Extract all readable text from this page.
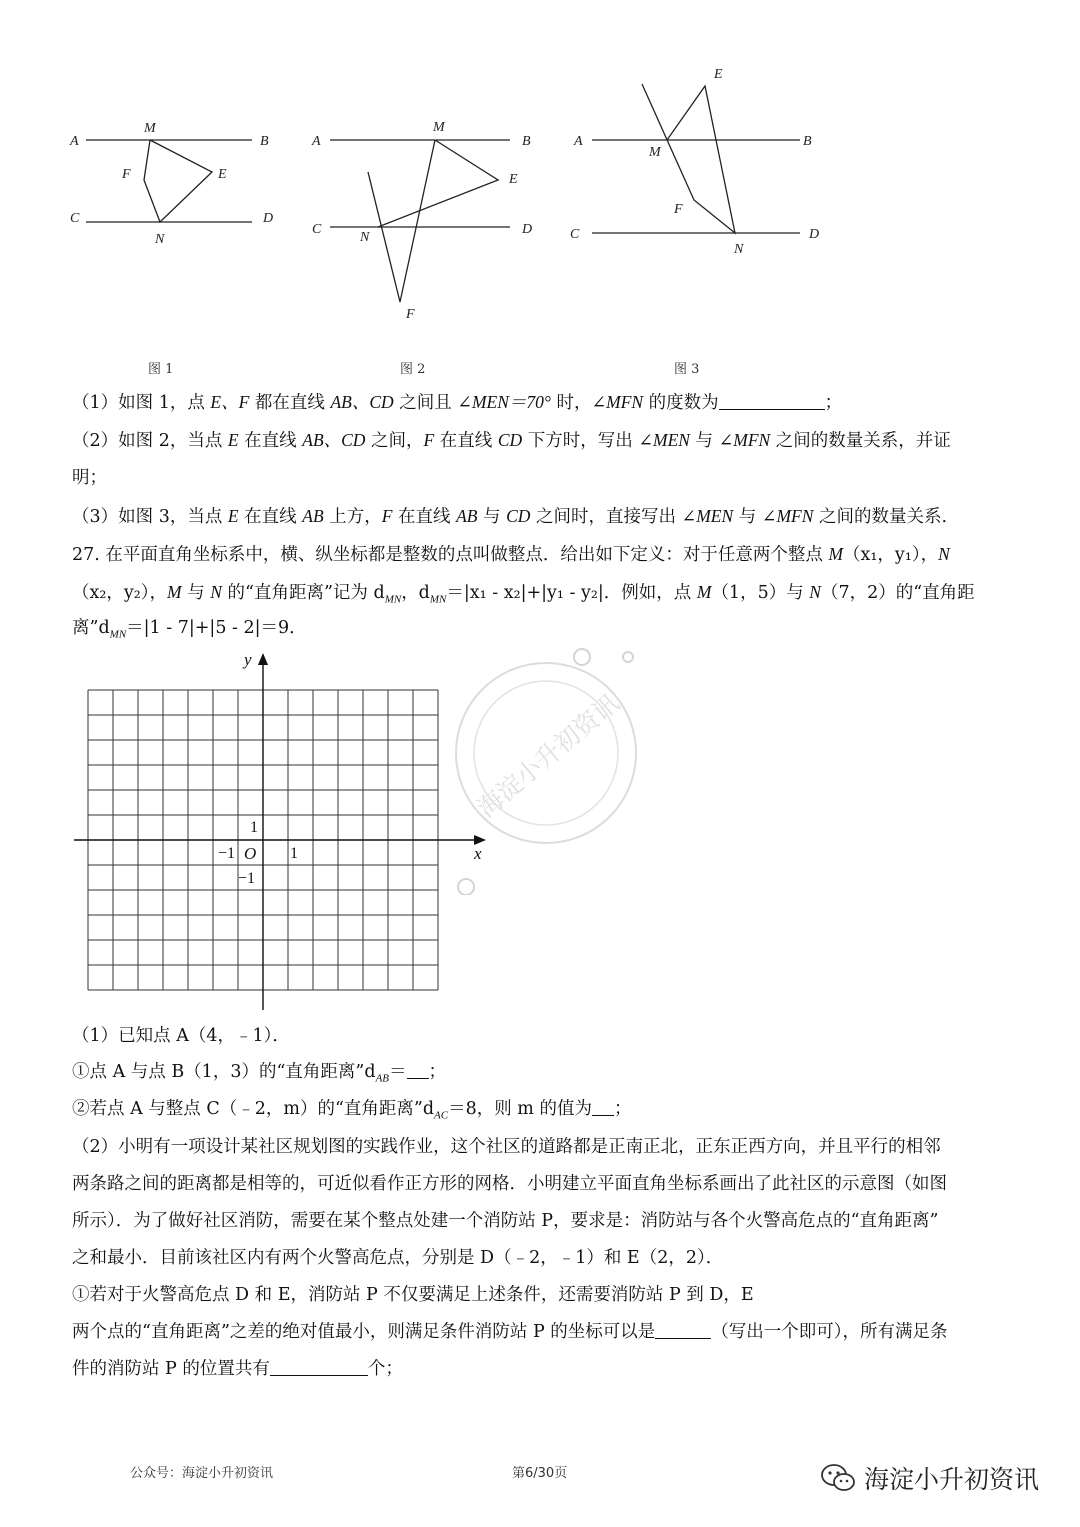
A	B
C	D
M
N
E
F
图 1
A	B
C	D
M
N
E
F
图 2
A	B
C	D
M
N
E
F
图 3
（1）如图 1，点 E、F 都在直线 AB、CD 之间且 ∠MEN＝70° 时，∠MFN 的度数为	；
（2）如图 2，当点 E 在直线 AB、CD 之间，F 在直线 CD 下方时，写出 ∠MEN 与 ∠MFN 之间的数量关系，并证
明；
（3）如图 3，当点 E 在直线 AB 上方，F 在直线 AB 与 CD 之间时，直接写出 ∠MEN 与 ∠MFN 之间的数量关系.
27. 在平面直角坐标系中，横、纵坐标都是整数的点叫做整点．给出如下定义：对于任意两个整点 M（x₁，y₁），N
（x₂，y₂），M 与 N 的“直角距离”记为 $d_{MN}$，$d_{MN}=|x_1 - x_2|+|y_1 - y_2|$．例如，点 M（1，5）与 N（7，2）的“直角距
离$”d_{MN}=|1 - 7|+|5 - 2|=9$．
海淀小升初资讯
x
y
O 1
−1
1
−1
（1）已知点 A（4，﹣1）．
①点 A 与点 B（1，3）的“直角距离$”d_{AB}=$ ；
②若点 A 与整点 C（﹣2，m）的“直角距离$”d_{AC}=8$，则 m 的值为 ；
（2）小明有一项设计某社区规划图的实践作业，这个社区的道路都是正南正北，正东正西方向，并且平行的相邻
两条路之间的距离都是相等的，可近似看作正方形的网格．小明建立平面直角坐标系画出了此社区的示意图（如图
所示）．为了做好社区消防，需要在某个整点处建一个消防站 P，要求是：消防站与各个火警高危点的“直角距离”
之和最小．目前该社区内有两个火警高危点，分别是 D（﹣2，﹣1）和 E（2，2）．
①若对于火警高危点 D 和 E，消防站 P 不仅要满足上述条件，还需要消防站 P 到 D，E
两个点的“直角距离”之差的绝对值最小，则满足条件消防站 P 的坐标可以是	（写出一个即可），所有满足条
件的消防站 P 的位置共有	个；
公众号：海淀小升初资讯	第6/30页	海淀小升初资讯
